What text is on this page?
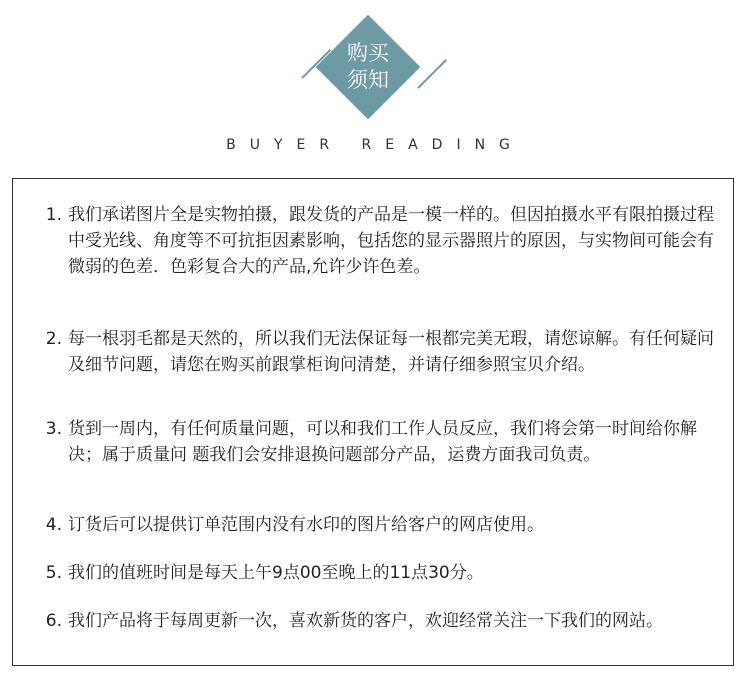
购买
须知
BUYER READING
1. 我们承诺图片全是实物拍摄，跟发货的产品是一模一样的。但因拍摄水平有限拍摄过程中受光线、角度等不可抗拒因素影响，包括您的显示器照片的原因，与实物间可能会有微弱的色差．色彩复合大的产品,允许少许色差。
2. 每一根羽毛都是天然的，所以我们无法保证每一根都完美无瑕，请您谅解。有任何疑问及细节问题，请您在购买前跟掌柜询问清楚，并请仔细参照宝贝介绍。
3. 货到一周内，有任何质量问题，可以和我们工作人员反应，我们将会第一时间给你解决；属于质量问 题我们会安排退换问题部分产品，运费方面我司负责。
4. 订货后可以提供订单范围内没有水印的图片给客户的网店使用。
5. 我们的值班时间是每天上午9点00至晚上的11点30分。
6. 我们产品将于每周更新一次，喜欢新货的客户，欢迎经常关注一下我们的网站。
